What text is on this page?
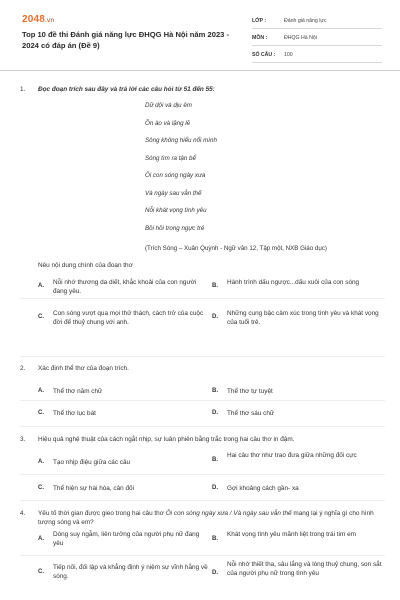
2048.vn
Top 10 đề thi Đánh giá năng lực ĐHQG Hà Nội năm 2023 - 2024 có đáp án (Đề 9)
LỚP :	Đánh giá năng lực
MÔN :	ĐHQG Hà Nội
SỐ CÂU : 100
1. Đọc đoạn trích sau đây và trả lời các câu hỏi từ 51 đến 55:
Dữ dội và dịu êm
Ồn ào và lặng lẽ
Sông không hiểu nổi mình
Sóng tìm ra tận bể
Ôi con sóng ngày xưa
Và ngày sau vẫn thế
Nỗi khát vọng tình yêu
Bồi hồi trong ngực trẻ
(Trích Sóng – Xuân Quỳnh - Ngữ văn 12, Tập một, NXB Giáo dục)
Nêu nội dung chính của đoạn thơ
A. Nỗi nhớ thương da diết, khắc khoải của con người đang yêu.
B. Hành trình dấu ngược...dấu xuôi của con sóng
C. Con sóng vượt qua mọi thử thách, cách trở của cuộc đời để thuỷ chung với anh.
D. Những cung bậc cảm xúc trong tình yêu và khát vọng của tuổi trẻ.
2. Xác định thể thơ của đoạn trích.
A. Thể thơ năm chữ	B. Thể thơ tự tuyệt
C. Thể thơ lục bát	D. Thể thơ sáu chữ
3. Hiệu quả nghệ thuật của cách ngắt nhịp, sự luân phiên bằng trắc trong hai câu thơ in đậm.
A. Tạo nhịp điệu giữa các câu	B.
Hai câu thơ như trao đưa giữa những đối cực
C. Thể hiện sự hài hòa, cân đối	D. Gợi khoảng cách gần- xa
4. Yếu tố thời gian được gieo trong hai câu thơ Ôi con sóng ngày xưa / Và ngày sau vẫn thế mang lại ý nghĩa gì cho hình tượng sóng và em?
A.
Dòng suy ngẫm, liên tưởng của người phụ nữ đang yêu
B.
Khát vọng tình yêu mãnh liệt trong trái tim em
C.
Tiếp nối, đối lập và khẳng định ý niệm sự vĩnh hằng về sóng.
D.
Nỗi nhớ thiết tha, sâu lắng và lòng thuỷ chung, son sắt của người phụ nữ trong tình yêu
